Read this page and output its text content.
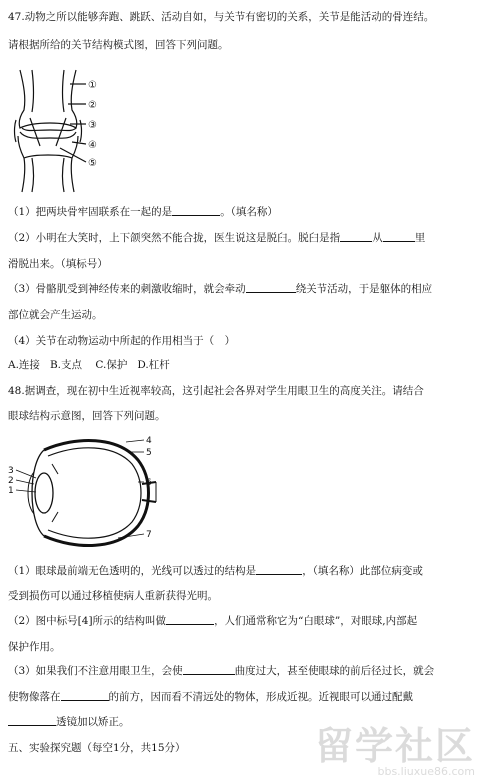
47.动物之所以能够奔跑、跳跃、活动自如，与关节有密切的关系，关节是能活动的骨连结。
请根据所给的关节结构模式图，回答下列问题。
①
②
③
④
⑤
（1）把两块骨牢固联系在一起的是	。（填名称）
（2）小明在大笑时，上下颌突然不能合拢，医生说这是脱臼。脱臼是指	从	里
滑脱出来。（填标号）
（3）骨骼肌受到神经传来的刺激收缩时，就会牵动	绕关节活动，于是躯体的相应
部位就会产生运动。
（4）关节在动物运动中所起的作用相当于（　）
A.连接 B.支点 C.保护 D.杠杆
48.据调查，现在初中生近视率较高，这引起社会各界对学生用眼卫生的高度关注。请结合
眼球结构示意图，回答下列问题。
4
5
6
7
3
2
1
（1）眼球最前端无色透明的，光线可以透过的结构是	，（填名称）此部位病变或
受到损伤可以通过移植使病人重新获得光明。
（2）图中标号[4]所示的结构叫做	，人们通常称它为“白眼球”，对眼球,内部起
保护作用。
（3）如果我们不注意用眼卫生，会使	曲度过大，甚至使眼球的前后径过长，就会
使物像落在	的前方，因而看不清远处的物体，形成近视。近视眼可以通过配戴
透镜加以矫正。
五、实验探究题（每空1分，共15分）	留学社区
bbs.liuxue86.com
